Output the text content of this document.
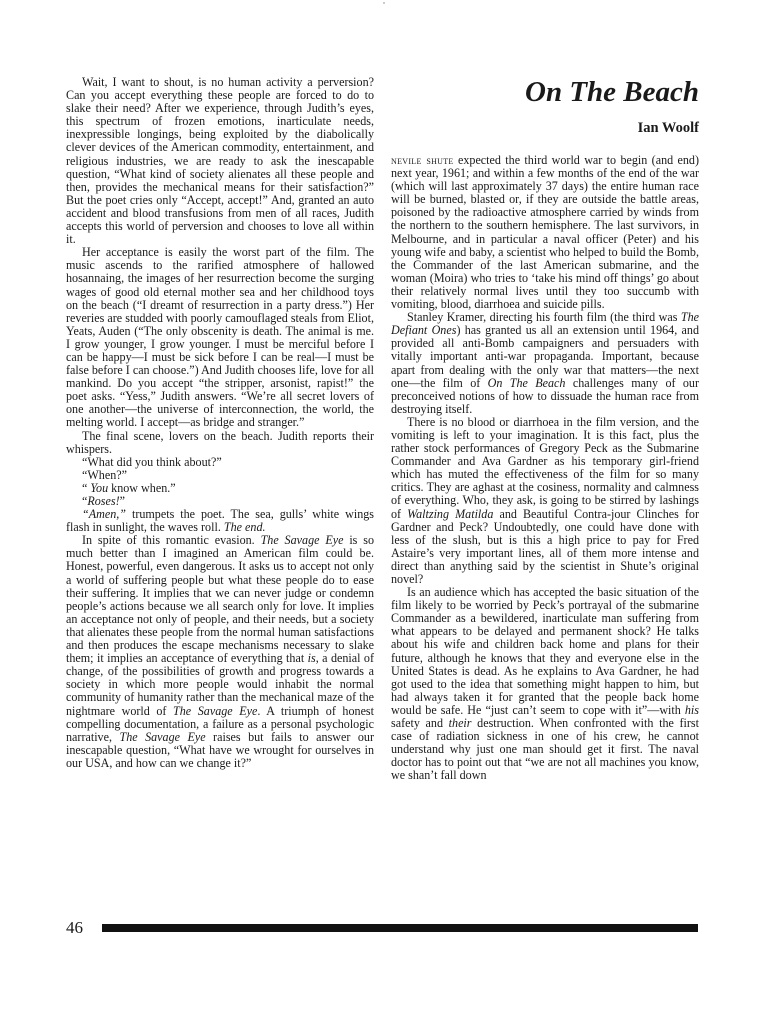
Wait, I want to shout, is no human activity a perversion? Can you accept everything these people are forced to do to slake their need? After we experience, through Judith’s eyes, this spectrum of frozen emotions, inarticulate needs, inexpressible longings, being exploited by the diabolically clever devices of the American commodity, entertainment, and religious industries, we are ready to ask the inescapable question, “What kind of society alienates all these people and then, provides the mechanical means for their satisfaction?” But the poet cries only “Accept, accept!” And, granted an auto accident and blood transfusions from men of all races, Judith accepts this world of perversion and chooses to love all within it.

Her acceptance is easily the worst part of the film. The music ascends to the rarified atmosphere of hallowed hosannaing, the images of her resurrection become the surging wages of good old eternal mother sea and her childhood toys on the beach (“I dreamt of resurrection in a party dress.”) Her reveries are studded with poorly camouflaged steals from Eliot, Yeats, Auden (“The only obscenity is death. The animal is me. I grow younger, I grow younger. I must be merciful before I can be happy—I must be sick before I can be real—I must be false before I can choose.”) And Judith chooses life, love for all mankind. Do you accept “the stripper, arsonist, rapist!” the poet asks. “Yess,” Judith answers. “We’re all secret lovers of one another—the universe of interconnection, the world, the melting world. I accept—as bridge and stranger.”

The final scene, lovers on the beach. Judith reports their whispers.

“What did you think about?”

“When?”

“ You know when.”

“Roses!”

“Amen,” trumpets the poet. The sea, gulls’ white wings flash in sunlight, the waves roll. The end.

In spite of this romantic evasion. The Savage Eye is so much better than I imagined an American film could be. Honest, powerful, even dangerous. It asks us to accept not only a world of suffering people but what these people do to ease their suffering. It implies that we can never judge or condemn people’s actions because we all search only for love. It implies an acceptance not only of people, and their needs, but a society that alienates these people from the normal human satisfactions and then produces the escape mechanisms necessary to slake them; it implies an acceptance of everything that is, a denial of change, of the possibilities of growth and progress towards a society in which more people would inhabit the normal community of humanity rather than the mechanical maze of the nightmare world of The Savage Eye. A triumph of honest compelling documentation, a failure as a personal psychologic narrative, The Savage Eye raises but fails to answer our inescapable question, “What have we wrought for ourselves in our USA, and how can we change it?”

On The Beach
Ian Woolf

nevile shute expected the third world war to begin (and end) next year, 1961; and within a few months of the end of the war (which will last approximately 37 days) the entire human race will be burned, blasted or, if they are outside the battle areas, poisoned by the radioactive atmosphere carried by winds from the northern to the southern hemisphere. The last survivors, in Melbourne, and in particular a naval officer (Peter) and his young wife and baby, a scientist who helped to build the Bomb, the Commander of the last American submarine, and the woman (Moira) who tries to ‘take his mind off things’ go about their relatively normal lives until they too succumb with vomiting, blood, diarrhoea and suicide pills.

Stanley Kramer, directing his fourth film (the third was The Defiant Ones) has granted us all an extension until 1964, and provided all anti-Bomb campaigners and persuaders with vitally important anti-war propaganda. Important, because apart from dealing with the only war that matters—the next one—the film of On The Beach challenges many of our preconceived notions of how to dissuade the human race from destroying itself.

There is no blood or diarrhoea in the film version, and the vomiting is left to your imagination. It is this fact, plus the rather stock performances of Gregory Peck as the Submarine Commander and Ava Gardner as his temporary girl-friend which has muted the effectiveness of the film for so many critics. They are aghast at the cosiness, normality and calmness of everything. Who, they ask, is going to be stirred by lashings of Waltzing Matilda and Beautiful Contra-jour Clinches for Gardner and Peck? Undoubtedly, one could have done with less of the slush, but is this a high price to pay for Fred Astaire’s very important lines, all of them more intense and direct than anything said by the scientist in Shute’s original novel?

Is an audience which has accepted the basic situation of the film likely to be worried by Peck’s portrayal of the submarine Commander as a bewildered, inarticulate man suffering from what appears to be delayed and permanent shock? He talks about his wife and children back home and plans for their future, although he knows that they and everyone else in the United States is dead. As he explains to Ava Gardner, he had got used to the idea that something might happen to him, but had always taken it for granted that the people back home would be safe. He “just can’t seem to cope with it”—with his safety and their destruction. When confronted with the first case of radiation sickness in one of his crew, he cannot understand why just one man should get it first. The naval doctor has to point out that “we are not all machines you know, we shan’t fall down

46
